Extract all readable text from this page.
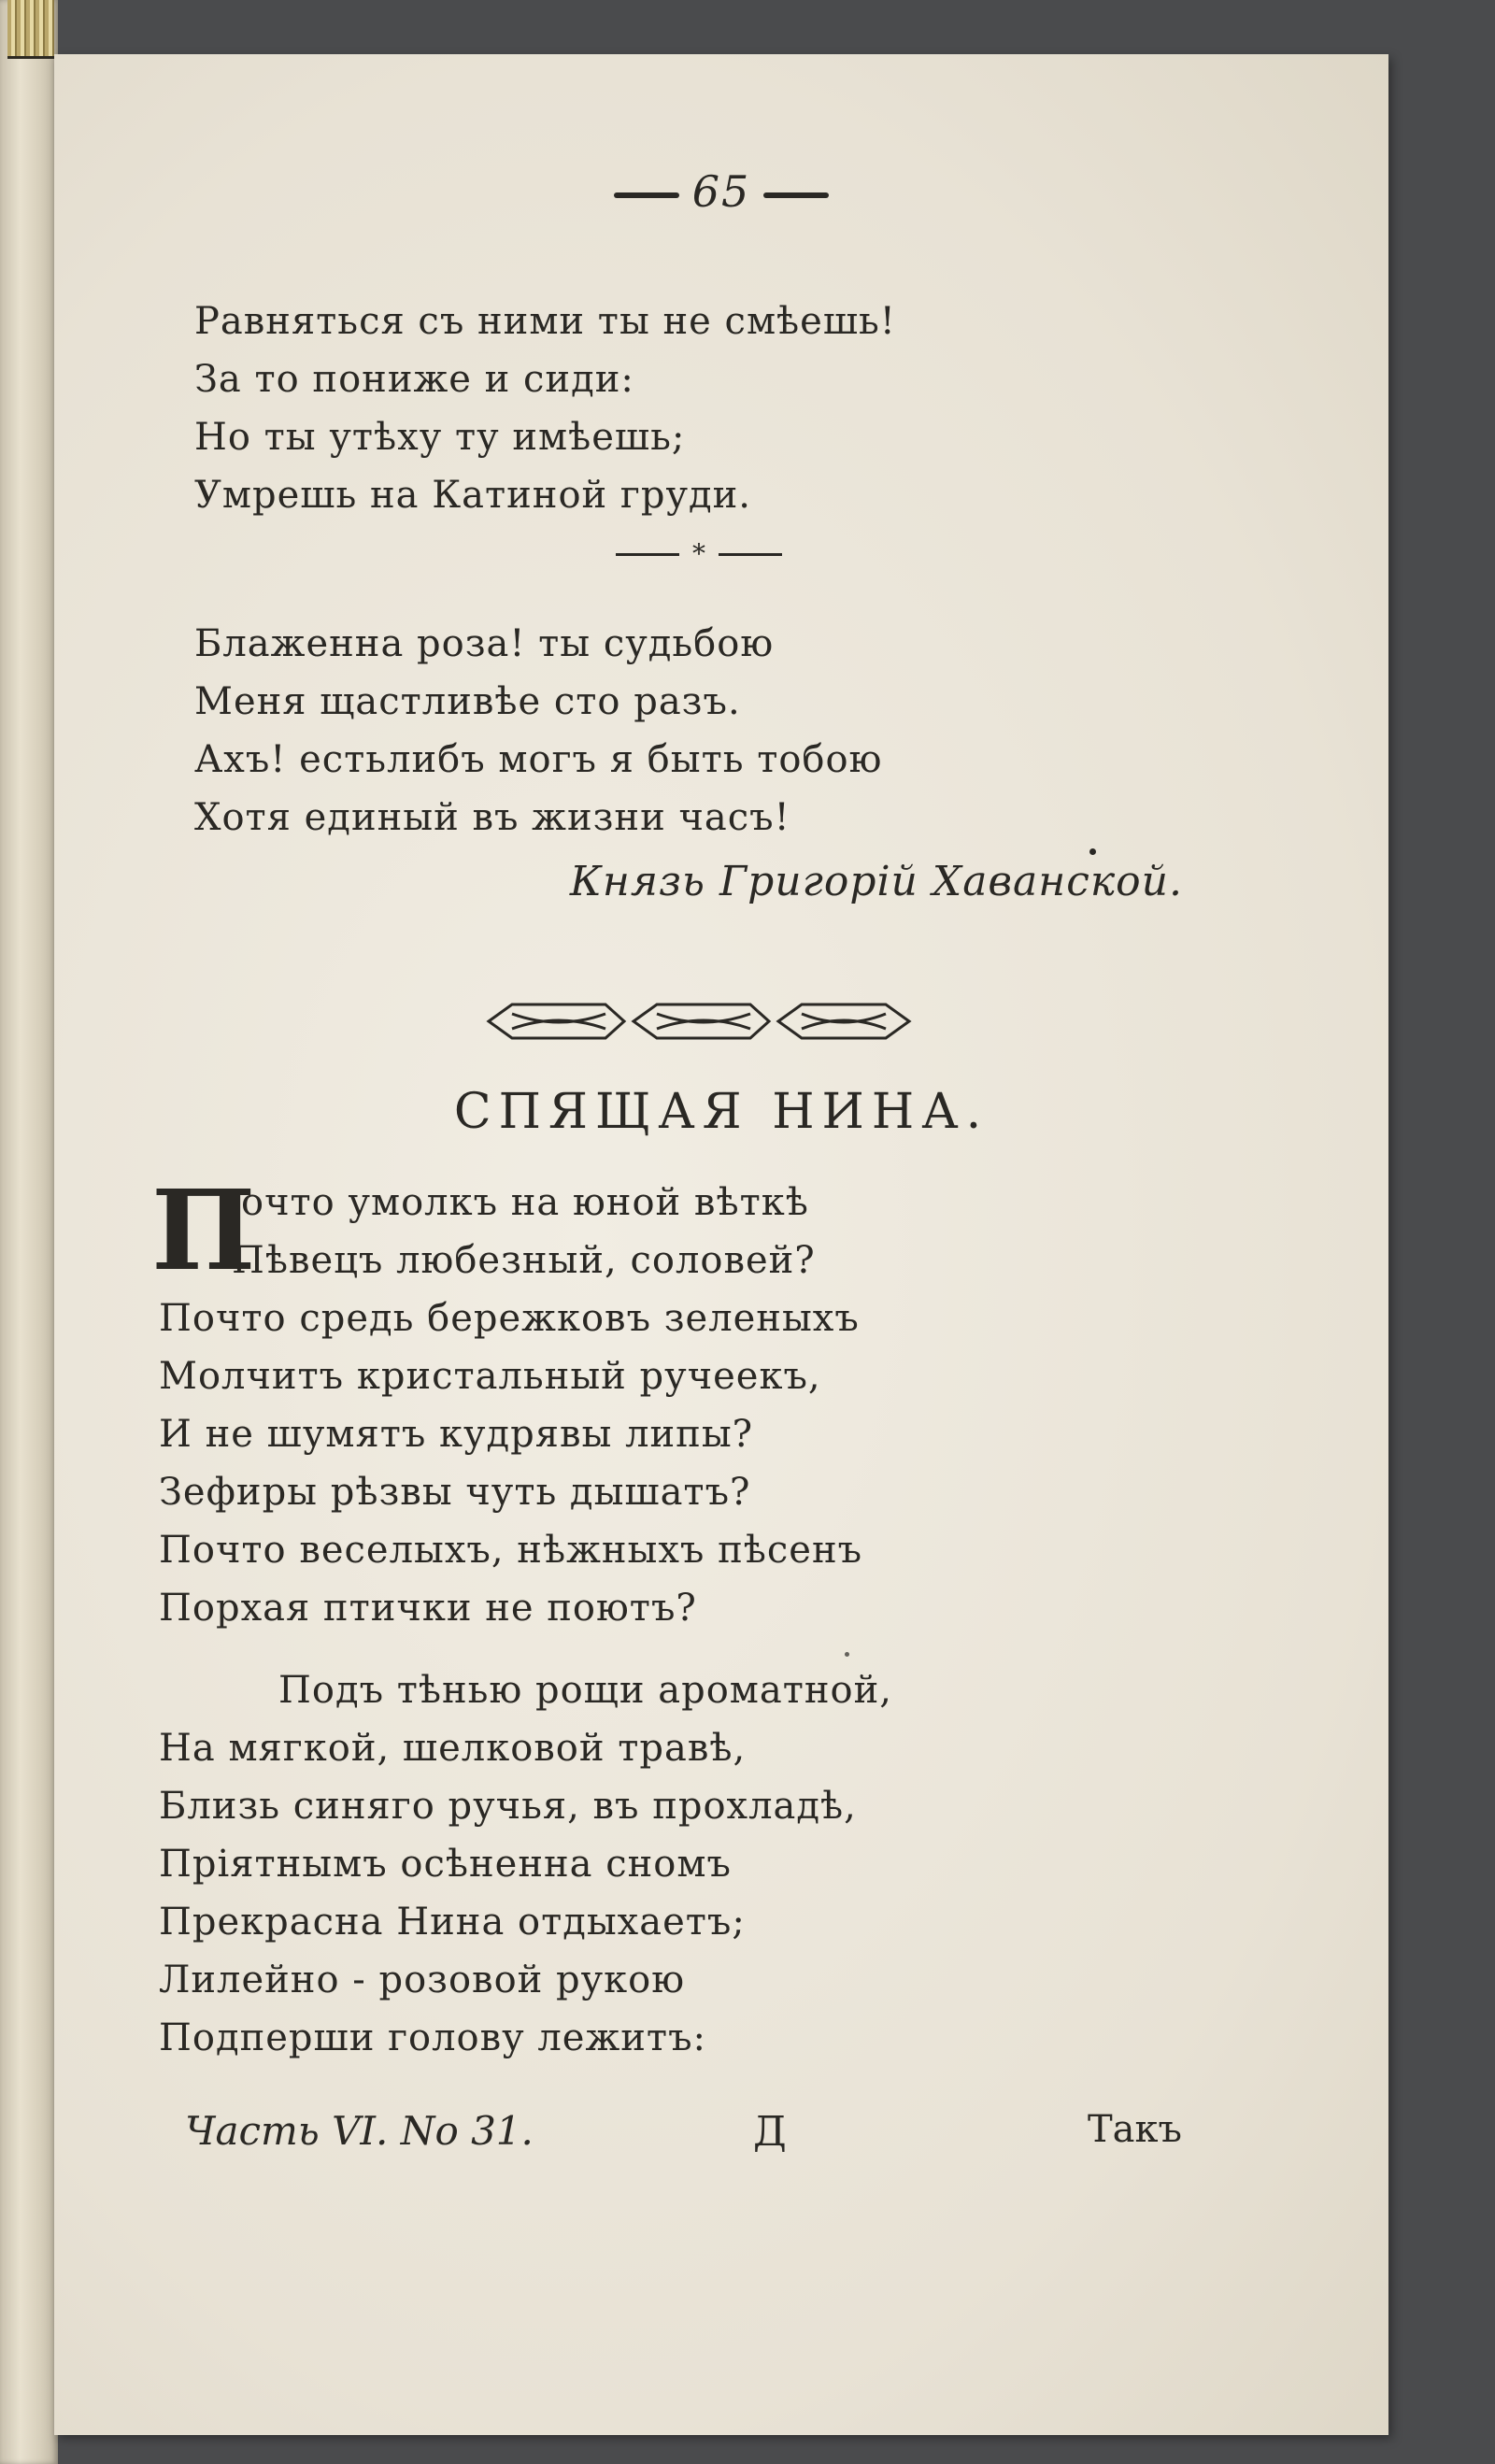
65
Равняться съ ними ты не смѣешь!
За то пониже и сиди:
Но ты утѣху ту имѣешь;
Умрешь на Катиной груди.
*
Блаженна роза! ты судьбою
Меня щастливѣе сто разъ.
Ахъ! естьлибъ могъ я быть тобою
Хотя единый въ жизни часъ!
Князь Григорій Хаванской.
СПЯЩАЯ НИНА.
П
очто умолкъ на юной вѣткѣ
Пѣвецъ любезный, соловей?
Почто средь бережковъ зеленыхъ
Молчитъ кристальный ручеекъ,
И не шумятъ кудрявы липы?
Зефиры рѣзвы чуть дышатъ?
Почто веселыхъ, нѣжныхъ пѣсенъ
Порхая птички не поютъ?
Подъ тѣнью рощи ароматной,
На мягкой, шелковой травѣ,
Близь синяго ручья, въ прохладѣ,
Пріятнымъ осѣненна сномъ
Прекрасна Нина отдыхаетъ;
Лилейно - розовой рукою
Подперши голову лежитъ:
Часть VI. No 31.	Д	Такъ
